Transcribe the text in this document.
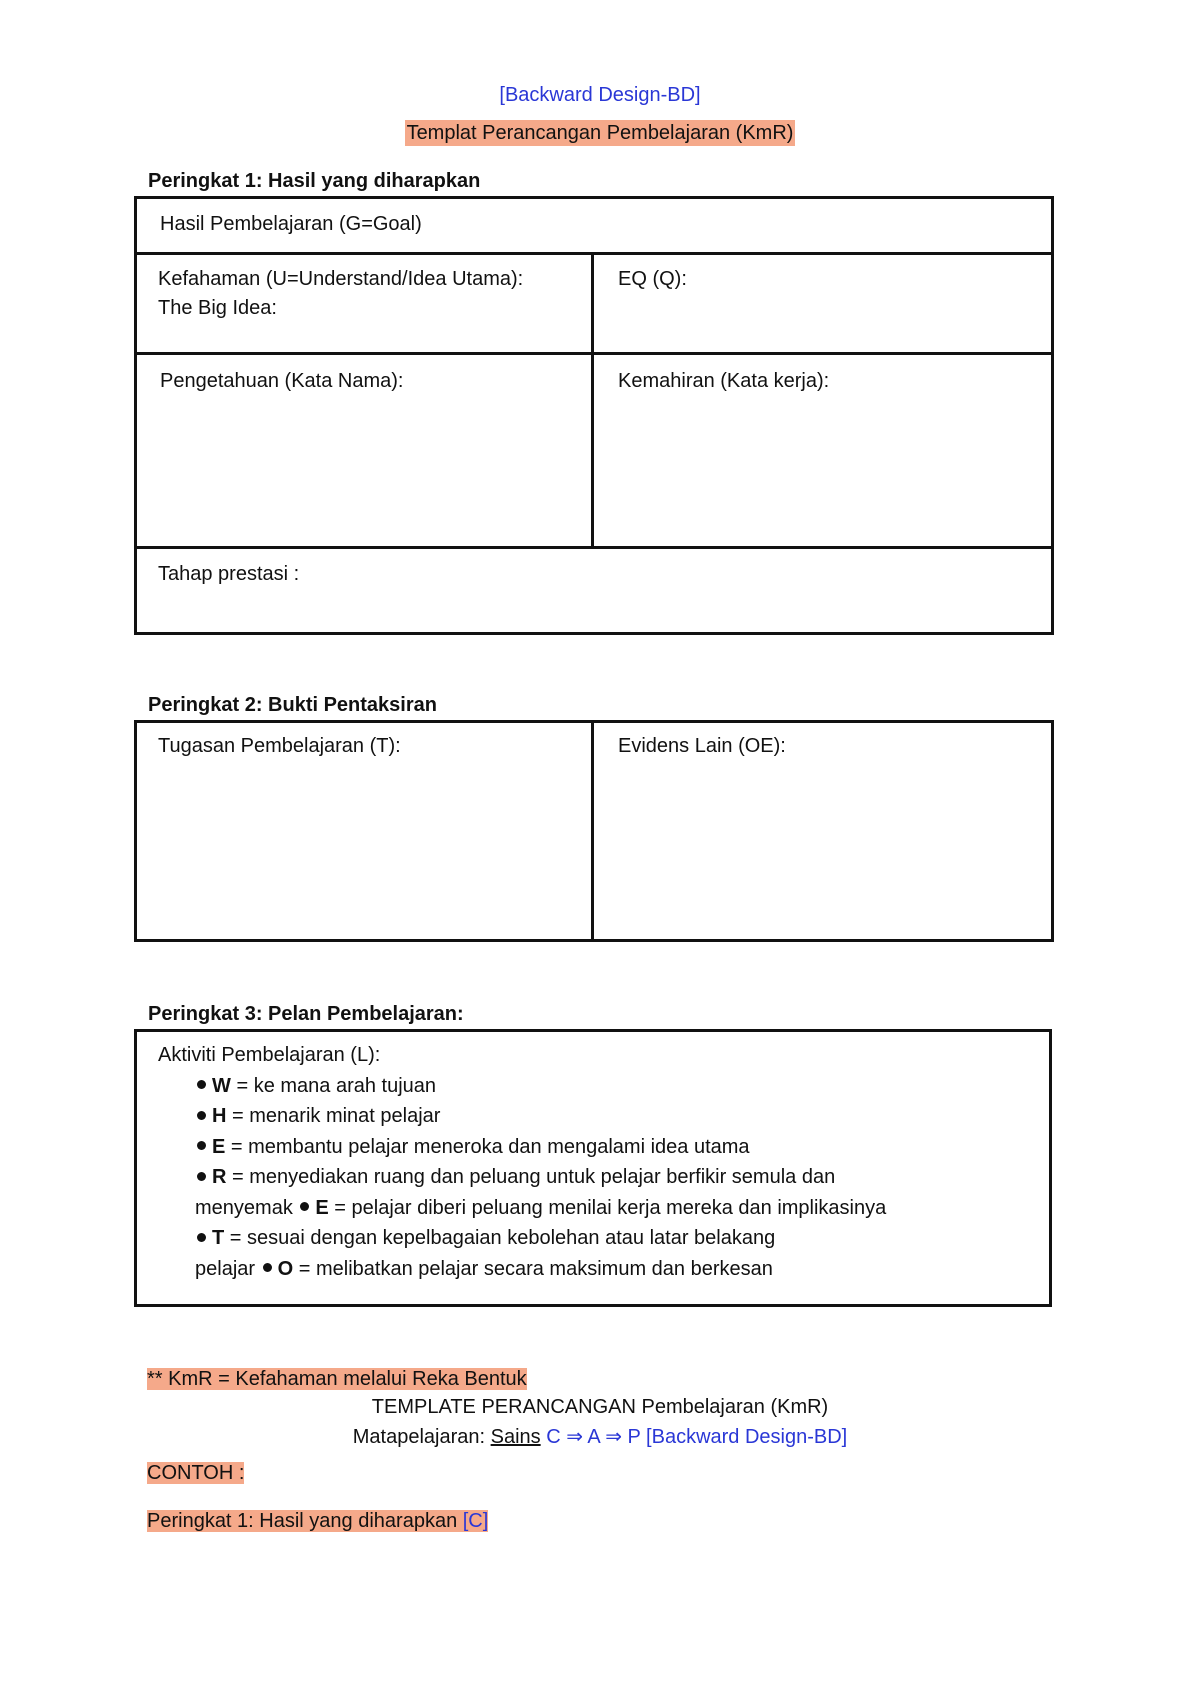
[Backward Design-BD]
Templat Perancangan Pembelajaran (KmR)
Peringkat 1: Hasil yang diharapkan
Hasil Pembelajaran (G=Goal)
Kefahaman (U=Understand/Idea Utama):
The Big Idea:
EQ (Q):
Pengetahuan (Kata Nama):	Kemahiran (Kata kerja):
Tahap prestasi :
Peringkat 2: Bukti Pentaksiran
Tugasan Pembelajaran (T):	Evidens Lain (OE):
Peringkat 3: Pelan Pembelajaran:
Aktiviti Pembelajaran (L):
W = ke mana arah tujuan
H = menarik minat pelajar
E = membantu pelajar meneroka dan mengalami idea utama
R = menyediakan ruang dan peluang untuk pelajar berfikir semula dan
menyemak E = pelajar diberi peluang menilai kerja mereka dan implikasinya
T = sesuai dengan kepelbagaian kebolehan atau latar belakang
pelajar O = melibatkan pelajar secara maksimum dan berkesan
** KmR = Kefahaman melalui Reka Bentuk
TEMPLATE PERANCANGAN Pembelajaran (KmR)
Matapelajaran: Sains C ⇒ A ⇒ P [Backward Design-BD]
CONTOH :
Peringkat 1: Hasil yang diharapkan [C]
